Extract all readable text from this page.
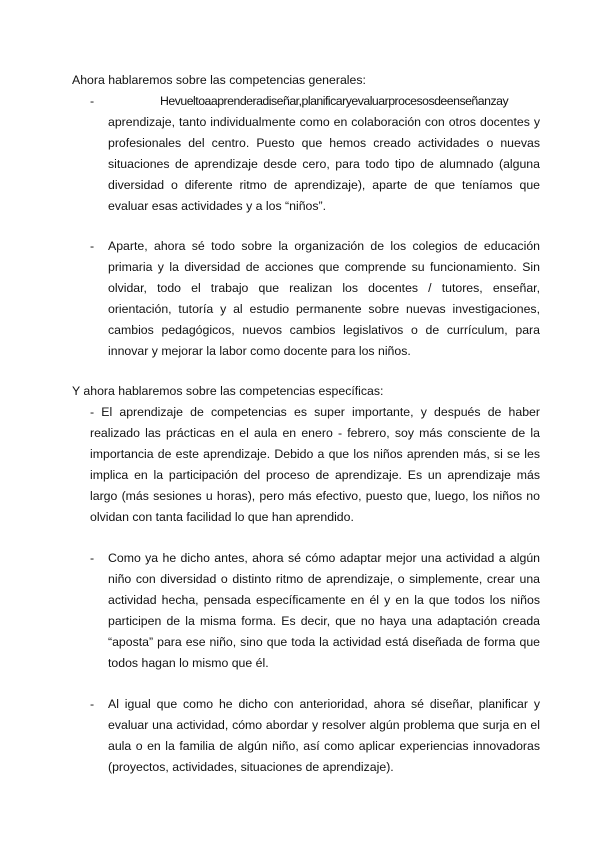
Ahora hablaremos sobre las competencias generales:

-	Hevueltoaaprenderadiseñar,planificaryevaluarprocesosdeenseñanzay aprendizaje, tanto individualmente como en colaboración con otros docentes y profesionales del centro. Puesto que hemos creado actividades o nuevas situaciones de aprendizaje desde cero, para todo tipo de alumnado (alguna diversidad o diferente ritmo de aprendizaje), aparte de que teníamos que evaluar esas actividades y a los “niños”.

-	Aparte, ahora sé todo sobre la organización de los colegios de educación primaria y la diversidad de acciones que comprende su funcionamiento. Sin olvidar, todo el trabajo que realizan los docentes / tutores, enseñar, orientación, tutoría y al estudio permanente sobre nuevas investigaciones, cambios pedagógicos, nuevos cambios legislativos o de currículum, para innovar y mejorar la labor como docente para los niños.

Y ahora hablaremos sobre las competencias específicas:

- El aprendizaje de competencias es super importante, y después de haber realizado las prácticas en el aula en enero - febrero, soy más consciente de la importancia de este aprendizaje. Debido a que los niños aprenden más, si se les implica en la participación del proceso de aprendizaje. Es un aprendizaje más largo (más sesiones u horas), pero más efectivo, puesto que, luego, los niños no olvidan con tanta facilidad lo que han aprendido.

-	Como ya he dicho antes, ahora sé cómo adaptar mejor una actividad a algún niño con diversidad o distinto ritmo de aprendizaje, o simplemente, crear una actividad hecha, pensada específicamente en él y en la que todos los niños participen de la misma forma. Es decir, que no haya una adaptación creada “aposta” para ese niño, sino que toda la actividad está diseñada de forma que todos hagan lo mismo que él.

-	Al igual que como he dicho con anterioridad, ahora sé diseñar, planificar y evaluar una actividad, cómo abordar y resolver algún problema que surja en el aula o en la familia de algún niño, así como aplicar experiencias innovadoras (proyectos, actividades, situaciones de aprendizaje).
